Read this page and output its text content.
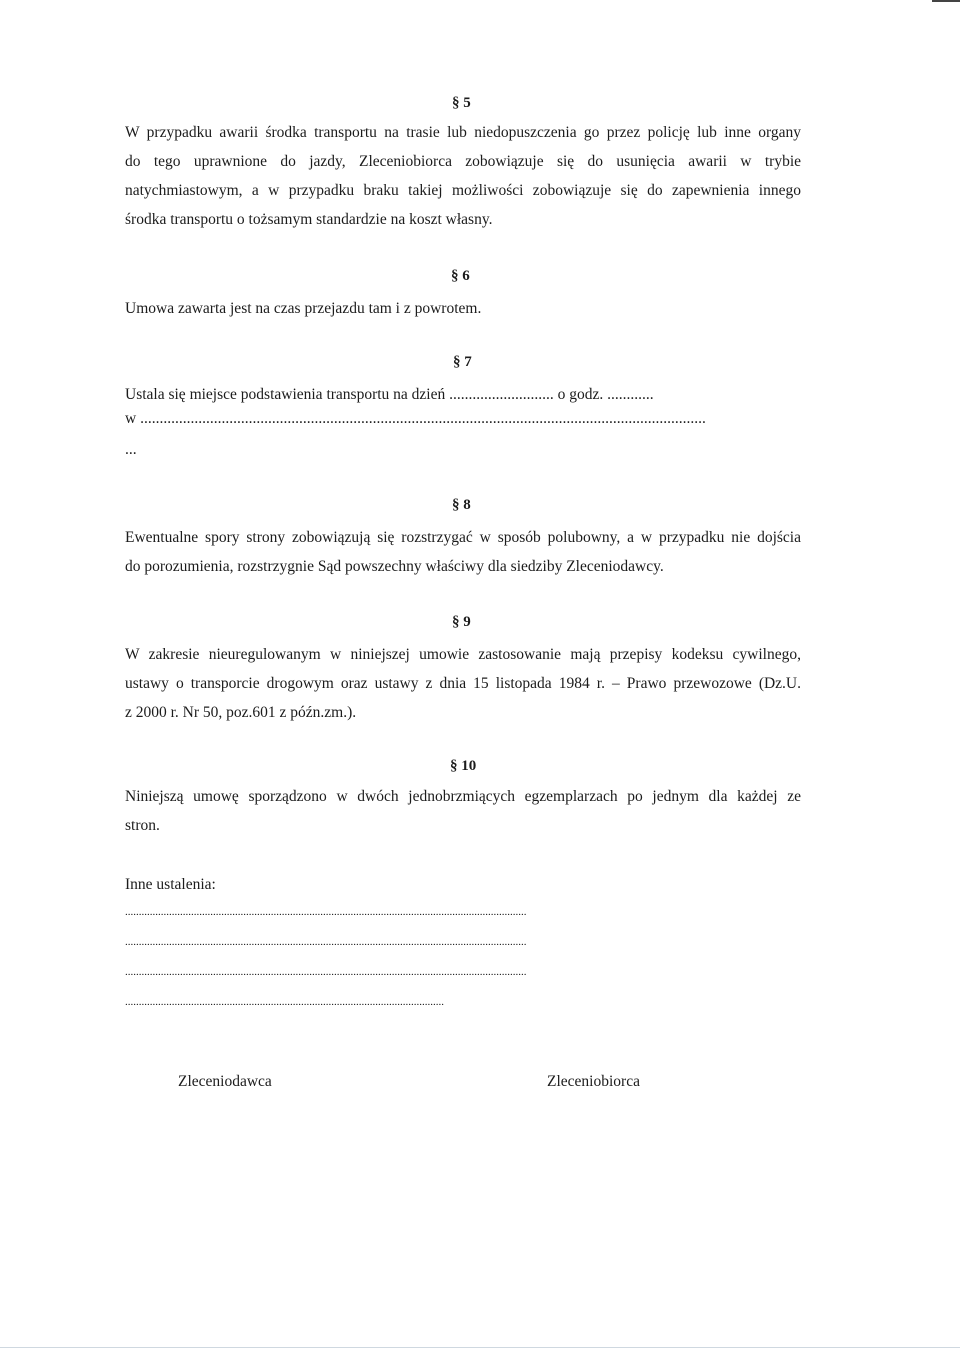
§ 5
W przypadku awarii środka transportu na trasie lub niedopuszczenia go przez policję lub inne organy
do tego uprawnione do jazdy, Zleceniobiorca zobowiązuje się do usunięcia awarii w trybie
natychmiastowym, a w przypadku braku takiej możliwości zobowiązuje się do zapewnienia innego
środka transportu o tożsamym standardzie na koszt własny.
§ 6
Umowa zawarta jest na czas przejazdu tam i z powrotem.
§ 7
Ustala się miejsce podstawienia transportu na dzień ........................... o godz. ............
w ..................................................................................................................................................
...
§ 8
Ewentualne spory strony zobowiązują się rozstrzygać w sposób polubowny, a w przypadku nie dojścia
do porozumienia, rozstrzygnie Sąd powszechny właściwy dla siedziby Zleceniodawcy.
§ 9
W zakresie nieuregulowanym w niniejszej umowie zastosowanie mają przepisy kodeksu cywilnego,
ustawy o transporcie drogowym oraz ustawy z dnia 15 listopada 1984 r. – Prawo przewozowe (Dz.U.
z 2000 r. Nr 50, poz.601 z późn.zm.).
§ 10
Niniejszą umowę sporządzono w dwóch jednobrzmiących egzemplarzach po jednym dla każdej ze
stron.
Inne ustalenia:
..................................................................................................................................................
..................................................................................................................................................
..................................................................................................................................................
....................................................................................................................
Zleceniodawca	Zleceniobiorca
